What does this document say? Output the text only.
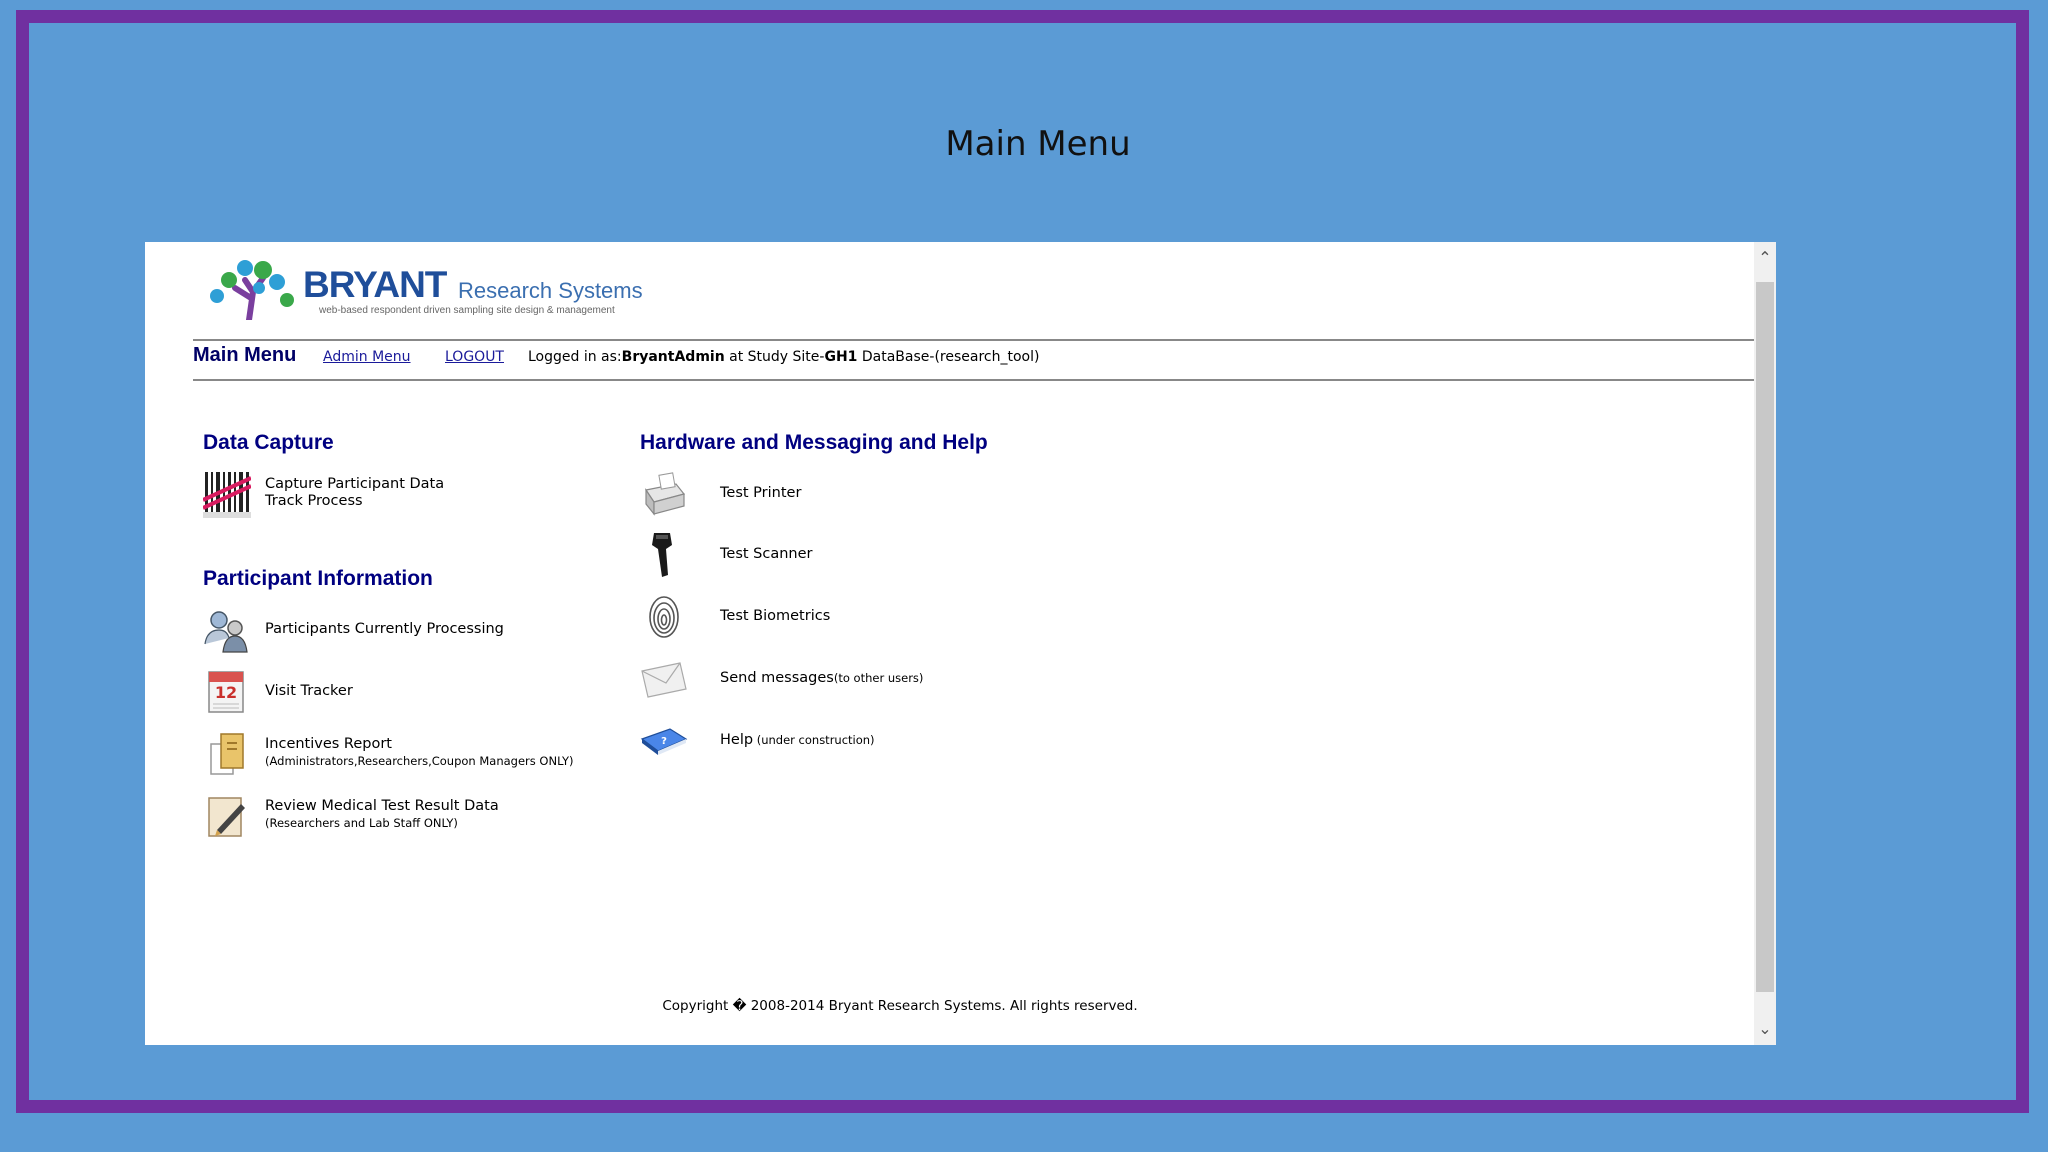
Main Menu
BRYANT Research Systems
web-based respondent driven sampling site design & management
Main Menu Admin Menu LOGOUT Logged in as:BryantAdmin at Study Site-GH1 DataBase-(research_tool)
Data Capture
Capture Participant Data
Track Process
Participant Information
Participants Currently Processing
12 Visit Tracker
Incentives Report
(Administrators,Researchers,Coupon Managers ONLY)
Review Medical Test Result Data
(Researchers and Lab Staff ONLY)
Hardware and Messaging and Help
Test Printer
Test Scanner
Test Biometrics
Send messages(to other users)
?	Help (under construction)
Copyright � 2008-2014 Bryant Research Systems. All rights reserved.
⌃
⌄
